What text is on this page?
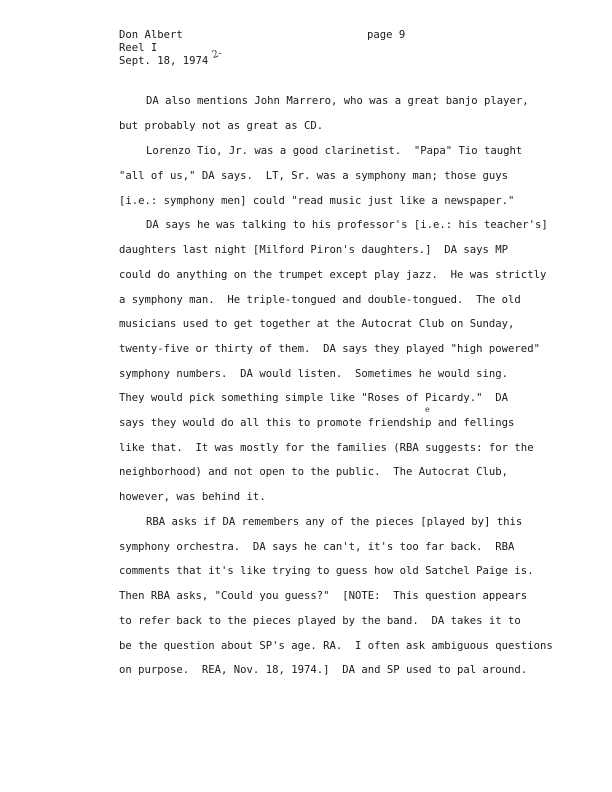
Don Albert	page 9
Reel I
Sept. 18, 1974 2-
DA also mentions John Marrero, who was a great banjo player,
but probably not as great as CD.
Lorenzo Tio, Jr. was a good clarinetist.  "Papa" Tio taught
"all of us," DA says.  LT, Sr. was a symphony man; those guys
[i.e.: symphony men] could "read music just like a newspaper."
DA says he was talking to his professor's [i.e.: his teacher's]
daughters last night [Milford Piron's daughters.]  DA says MP
could do anything on the trumpet except play jazz.  He was strictly
a symphony man.  He triple-tongued and double-tongued.  The old
musicians used to get together at the Autocrat Club on Sunday,
twenty-five or thirty of them.  DA says they played "high powered"
symphony numbers.  DA would listen.  Sometimes he would sing.
They would pick something simple like "Roses of Picardy."  DA
says they would do all this to promote friendship and fellings
e
like that.  It was mostly for the families (RBA suggests: for the
neighborhood) and not open to the public.  The Autocrat Club,
however, was behind it.
RBA asks if DA remembers any of the pieces [played by] this
symphony orchestra.  DA says he can't, it's too far back.  RBA
comments that it's like trying to guess how old Satchel Paige is.
Then RBA asks, "Could you guess?"  [NOTE:  This question appears
to refer back to the pieces played by the band.  DA takes it to
be the question about SP's age. RA.  I often ask ambiguous questions
on purpose.  REA, Nov. 18, 1974.]  DA and SP used to pal around.
